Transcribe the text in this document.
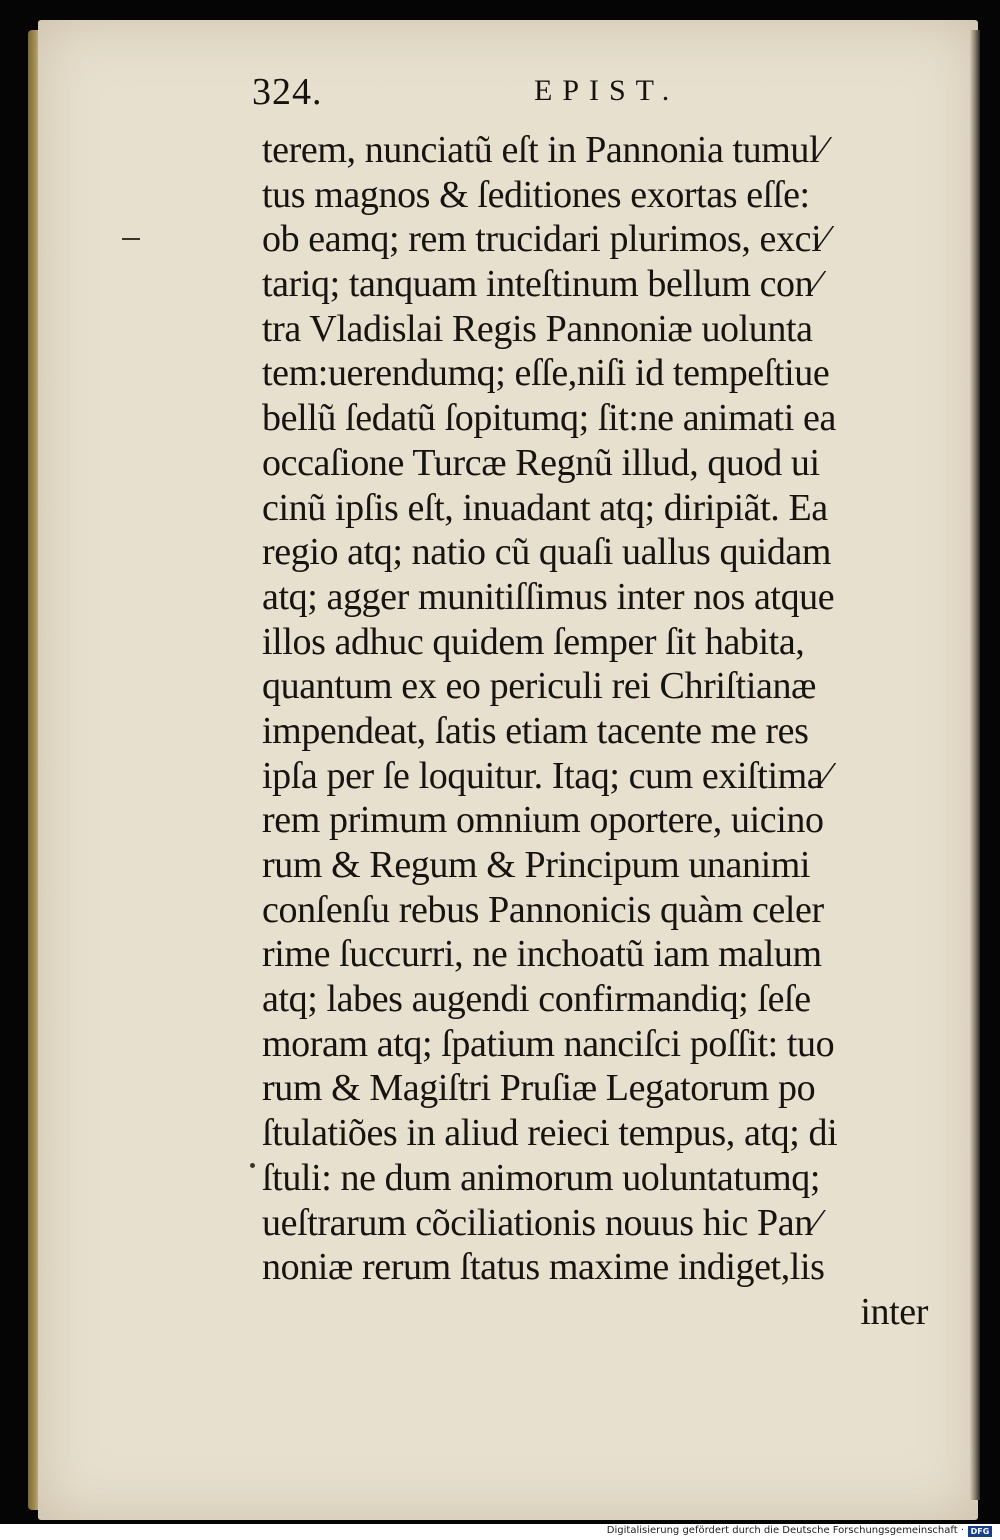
324.	EPIST.
terem, nunciatũ eſt in Pannonia tumul⁄
tus magnos & ſeditiones exortas eſſe:
ob eamq; rem trucidari plurimos, exci⁄
tariq; tanquam inteſtinum bellum con⁄
tra Vladislai Regis Pannoniæ uolunta
tem:uerendumq; eſſe,niſi id tempeſtiue
bellũ ſedatũ ſopitumq; ſit:ne animati ea
occaſione Turcæ Regnũ illud, quod ui
cinũ ipſis eſt, inuadant atq; diripiãt. Ea
regio atq; natio cũ quaſi uallus quidam
atq; agger munitiſſimus inter nos atque
illos adhuc quidem ſemper ſit habita,
quantum ex eo periculi rei Chriſtianæ
impendeat, ſatis etiam tacente me res
ipſa per ſe loquitur. Itaq; cum exiſtima⁄
rem primum omnium oportere, uicino
rum & Regum & Principum unanimi
conſenſu rebus Pannonicis quàm celer
rime ſuccurri, ne inchoatũ iam malum
atq; labes augendi confirmandiq; ſeſe
moram atq; ſpatium nanciſci poſſit: tuo
rum & Magiſtri Pruſiæ Legatorum po
ſtulatiões in aliud reieci tempus, atq; di
ſtuli: ne dum animorum uoluntatumq;
ueſtrarum cõciliationis nouus hic Pan⁄
noniæ rerum ſtatus maxime indiget,lis
inter
Digitalisierung gefördert durch die Deutsche Forschungsgemeinschaft · DFG
